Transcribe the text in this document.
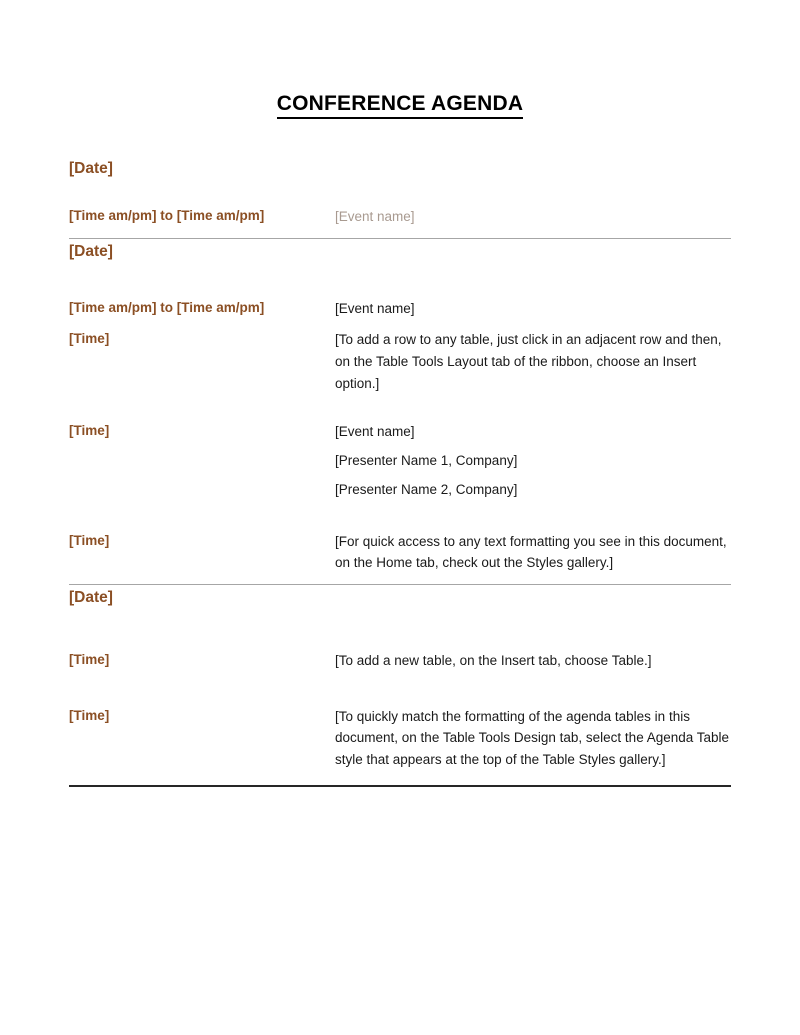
CONFERENCE AGENDA
[Date]

[Time am/pm] to [Time am/pm]	[Event name]

[Date]

[Time am/pm] to [Time am/pm]	[Event name]

[Time]	[To add a row to any table, just click in an adjacent row and then, on the Table Tools Layout tab of the ribbon, choose an Insert option.]

[Time]	[Event name]

[Presenter Name 1, Company]

[Presenter Name 2, Company]

[Time]	[For quick access to any text formatting you see in this document, on the Home tab, check out the Styles gallery.]

[Date]

[Time]	[To add a new table, on the Insert tab, choose Table.]

[Time]	[To quickly match the formatting of the agenda tables in this document, on the Table Tools Design tab, select the Agenda Table style that appears at the top of the Table Styles gallery.]
